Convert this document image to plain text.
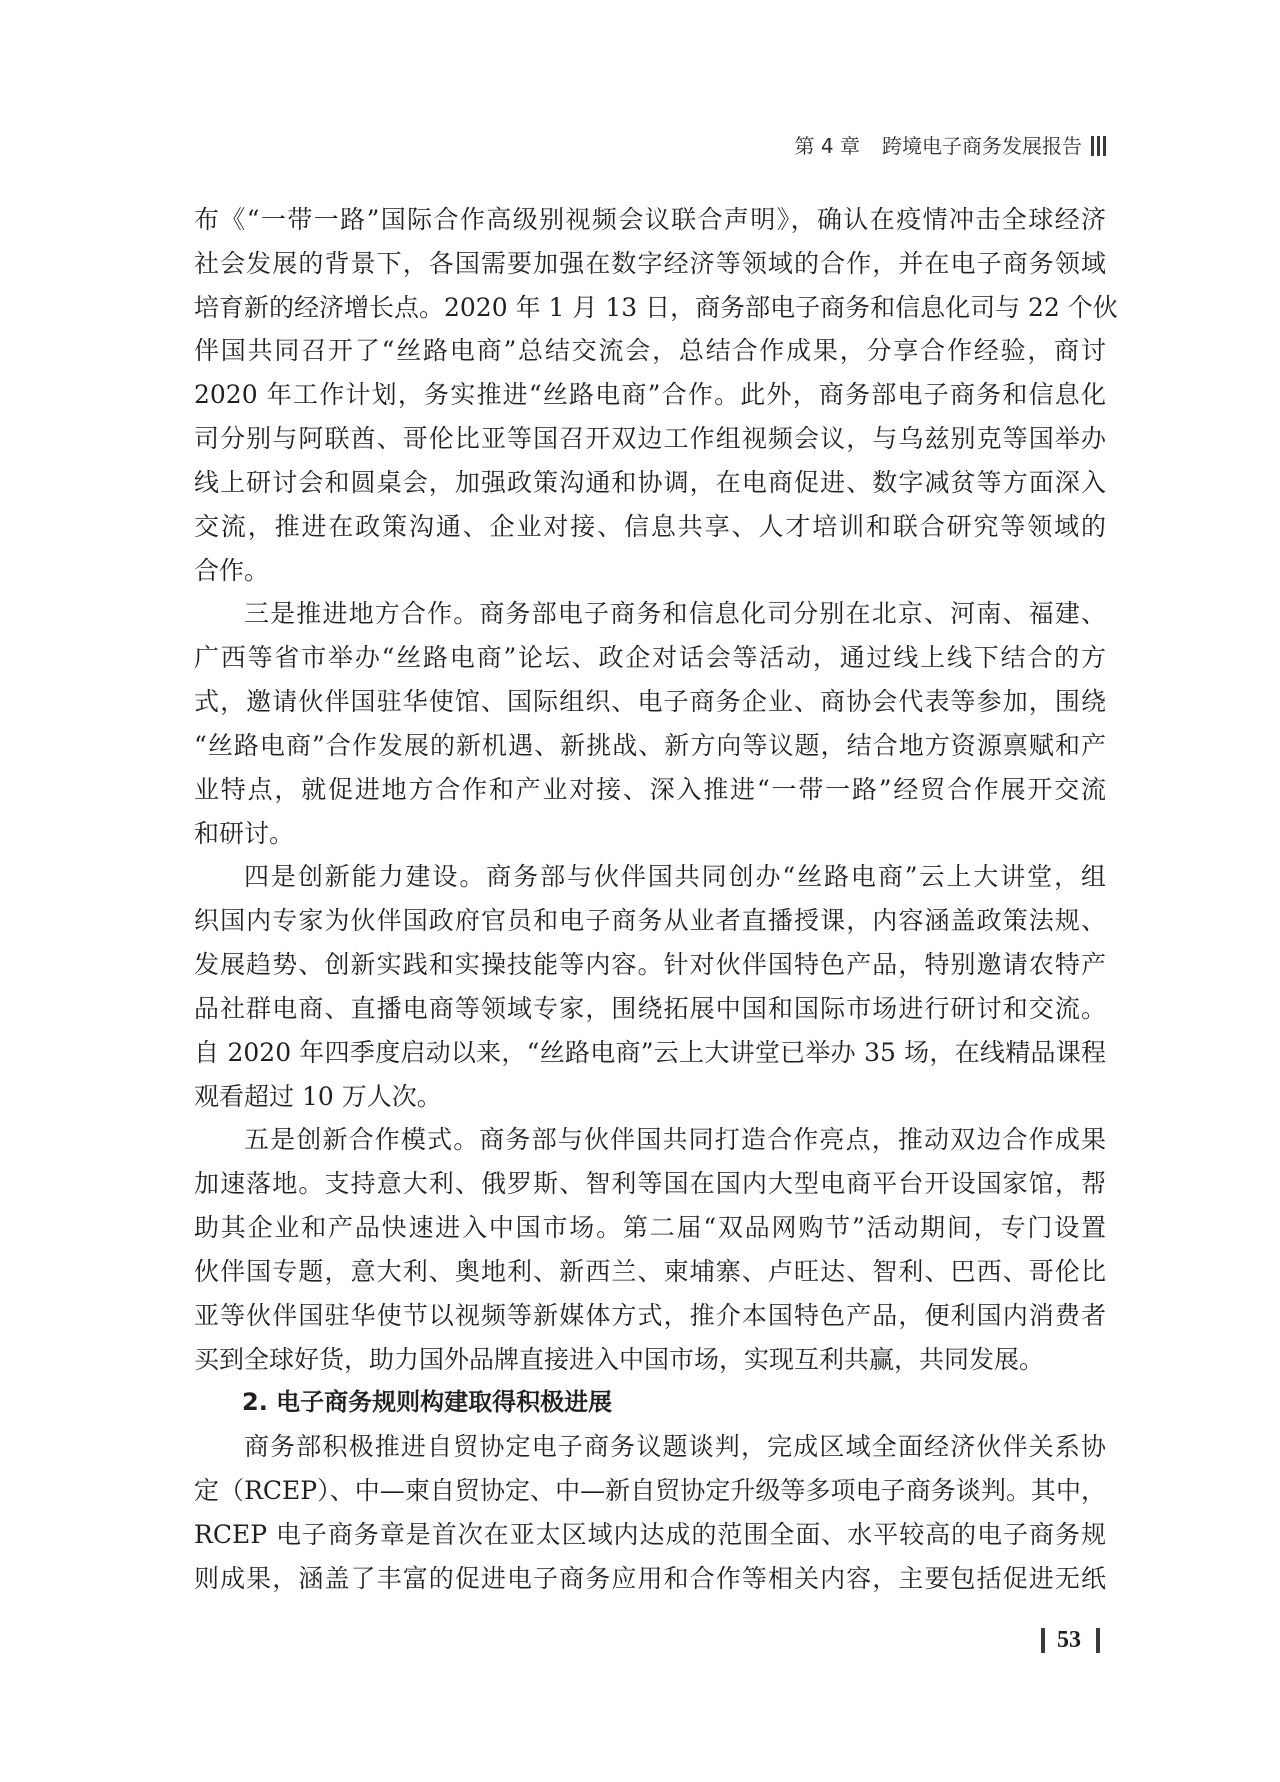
第 4 章 跨境电子商务发展报告
布《“一带一路”国际合作高级别视频会议联合声明》，确认在疫情冲击全球经济
社会发展的背景下，各国需要加强在数字经济等领域的合作，并在电子商务领域
培育新的经济增长点。2020 年 1 月 13 日，商务部电子商务和信息化司与 22 个伙
伴国共同召开了“丝路电商”总结交流会，总结合作成果，分享合作经验，商讨
2020 年工作计划，务实推进“丝路电商”合作。此外，商务部电子商务和信息化
司分别与阿联酋、哥伦比亚等国召开双边工作组视频会议，与乌兹别克等国举办
线上研讨会和圆桌会，加强政策沟通和协调，在电商促进、数字减贫等方面深入
交流，推进在政策沟通、企业对接、信息共享、人才培训和联合研究等领域的
合作。
三是推进地方合作。商务部电子商务和信息化司分别在北京、河南、福建、
广西等省市举办“丝路电商”论坛、政企对话会等活动，通过线上线下结合的方
式，邀请伙伴国驻华使馆、国际组织、电子商务企业、商协会代表等参加，围绕
“丝路电商”合作发展的新机遇、新挑战、新方向等议题，结合地方资源禀赋和产
业特点，就促进地方合作和产业对接、深入推进“一带一路”经贸合作展开交流
和研讨。
四是创新能力建设。商务部与伙伴国共同创办“丝路电商”云上大讲堂，组
织国内专家为伙伴国政府官员和电子商务从业者直播授课，内容涵盖政策法规、
发展趋势、创新实践和实操技能等内容。针对伙伴国特色产品，特别邀请农特产
品社群电商、直播电商等领域专家，围绕拓展中国和国际市场进行研讨和交流。
自 2020 年四季度启动以来，“丝路电商”云上大讲堂已举办 35 场，在线精品课程
观看超过 10 万人次。
五是创新合作模式。商务部与伙伴国共同打造合作亮点，推动双边合作成果
加速落地。支持意大利、俄罗斯、智利等国在国内大型电商平台开设国家馆，帮
助其企业和产品快速进入中国市场。第二届“双品网购节”活动期间，专门设置
伙伴国专题，意大利、奥地利、新西兰、柬埔寨、卢旺达、智利、巴西、哥伦比
亚等伙伴国驻华使节以视频等新媒体方式，推介本国特色产品，便利国内消费者
买到全球好货，助力国外品牌直接进入中国市场，实现互利共赢，共同发展。
2. 电子商务规则构建取得积极进展
商务部积极推进自贸协定电子商务议题谈判，完成区域全面经济伙伴关系协
定（RCEP）、中—柬自贸协定、中—新自贸协定升级等多项电子商务谈判。其中，
RCEP 电子商务章是首次在亚太区域内达成的范围全面、水平较高的电子商务规
则成果，涵盖了丰富的促进电子商务应用和合作等相关内容，主要包括促进无纸
53
